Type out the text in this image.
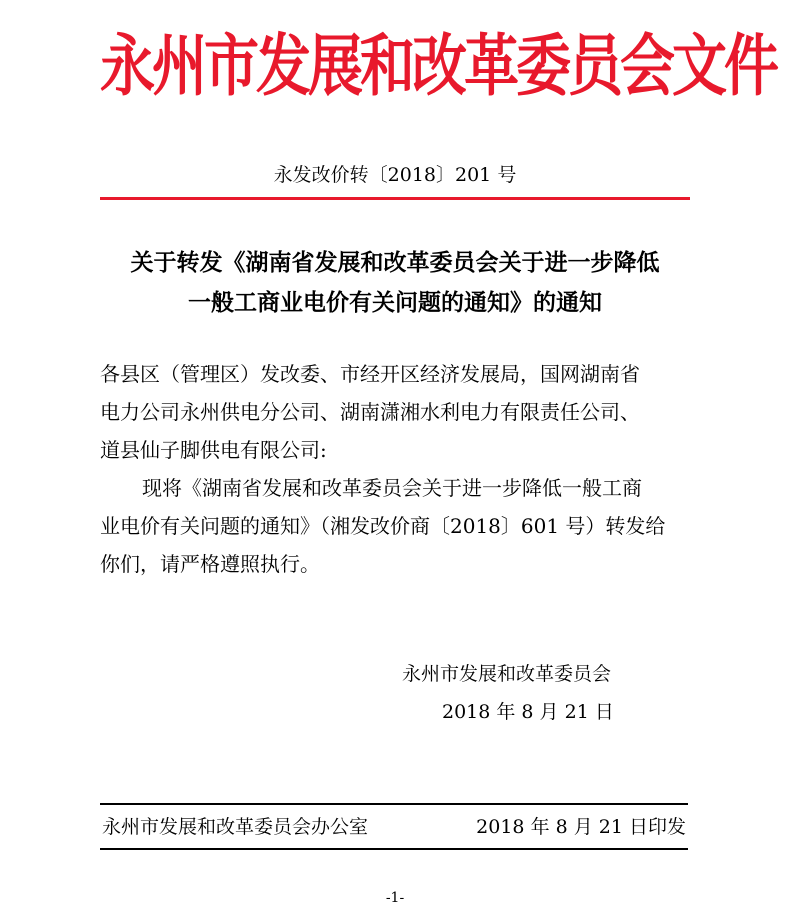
永州市发展和改革委员会文件
永发改价转〔2018〕201 号
关于转发《湖南省发展和改革委员会关于进一步降低
一般工商业电价有关问题的通知》的通知
各县区（管理区）发改委、市经开区经济发展局，国网湖南省
电力公司永州供电分公司、湖南潇湘水利电力有限责任公司、
道县仙子脚供电有限公司:
现将《湖南省发展和改革委员会关于进一步降低一般工商
业电价有关问题的通知》（湘发改价商〔2018〕601 号）转发给
你们，请严格遵照执行。
永州市发展和改革委员会
2018 年 8 月 21 日
永州市发展和改革委员会办公室	2018 年 8 月 21 日印发
-1-
